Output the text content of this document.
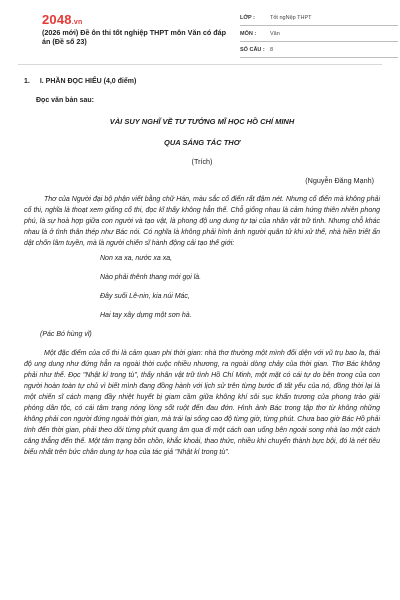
2048.vn
(2026 mới) Đề ôn thi tốt nghiệp THPT môn Văn có đáp án (Đề số 23)
LỚP :	Tốt ngNệp THPT
MÔN :	Văn
SỐ CÂU : 8
1. I. PHẦN ĐỌC HIỂU (4,0 điểm)
Đọc văn bản sau:
VÀI SUY NGHĨ VỀ TƯ TƯỞNG MĨ HỌC HỒ CHÍ MINH
QUA SÁNG TÁC THƠ
(Trích)
(Nguyễn Đăng Mạnh)
Thơ của Người đại bộ phận viết bằng chữ Hán, màu sắc cổ điển rất đậm nét. Nhưng cổ điển mà không phải cổ thi, nghĩa là thoạt xem giống cổ thi, đọc kĩ thấy không hẳn thế. Chỗ giống nhau là cảm hứng thiên nhiên phong phú, là sự hoà hợp giữa con người và tạo vật, là phong độ ung dung tự tại của nhân vật trữ tình. Nhưng chỗ khác nhau là ở tình thân thép như Bác nói. Có nghĩa là không phải hình ảnh người quân tử khi xử thế, nhà hiền triết ẩn dật chốn lâm tuyền, mà là người chiến sĩ hành động cải tạo thế giới:
Non xa xa, nước xa xa,
Nào phải thênh thang mới gọi là.
Đây suối Lê-nin, kia núi Mác,
Hai tay xây dựng một sơn hà.
(Pác Bó hùng vĩ)
Một đặc điểm của cổ thi là cảm quan phi thời gian: nhà thơ thường một mình đối diện với vũ trụ bao la, thái độ ung dung như đứng hẳn ra ngoài thời cuộc nhiều nhương, ra ngoài dòng chảy của thời gian. Thơ Bác không phải như thế. Đọc "Nhật kí trong tù", thấy nhân vật trữ tình Hồ Chí Minh, một mặt có cái tự do bên trong của con người hoàn toàn tự chủ vì biết mình đang đồng hành với lịch sử trên từng bước đi tất yếu của nó, đồng thời lại là một chiến sĩ cách mạng đầy nhiệt huyết bị giam cầm giữa không khí sôi sục khẩn trương của phong trào giải phóng dân tộc, có cái tâm trạng nóng lòng sốt ruột đến đau đớn. Hình ảnh Bác trong tập thơ từ không những không phải con người đứng ngoài thời gian, mà trái lại sống cao độ từng giờ, từng phút. Chưa bao giờ Bác Hồ phải tính đến thời gian, phải theo dõi từng phút quang âm qua đi một cách oan uổng bên ngoài song nhà lao một cách căng thẳng đến thế. Một tâm trạng bồn chồn, khắc khoải, thao thức, nhiều khi chuyển thành bực bội, đó là nét tiêu biểu nhất trên bức chân dung tự hoạ của tác giả "Nhật kí trong tù".
